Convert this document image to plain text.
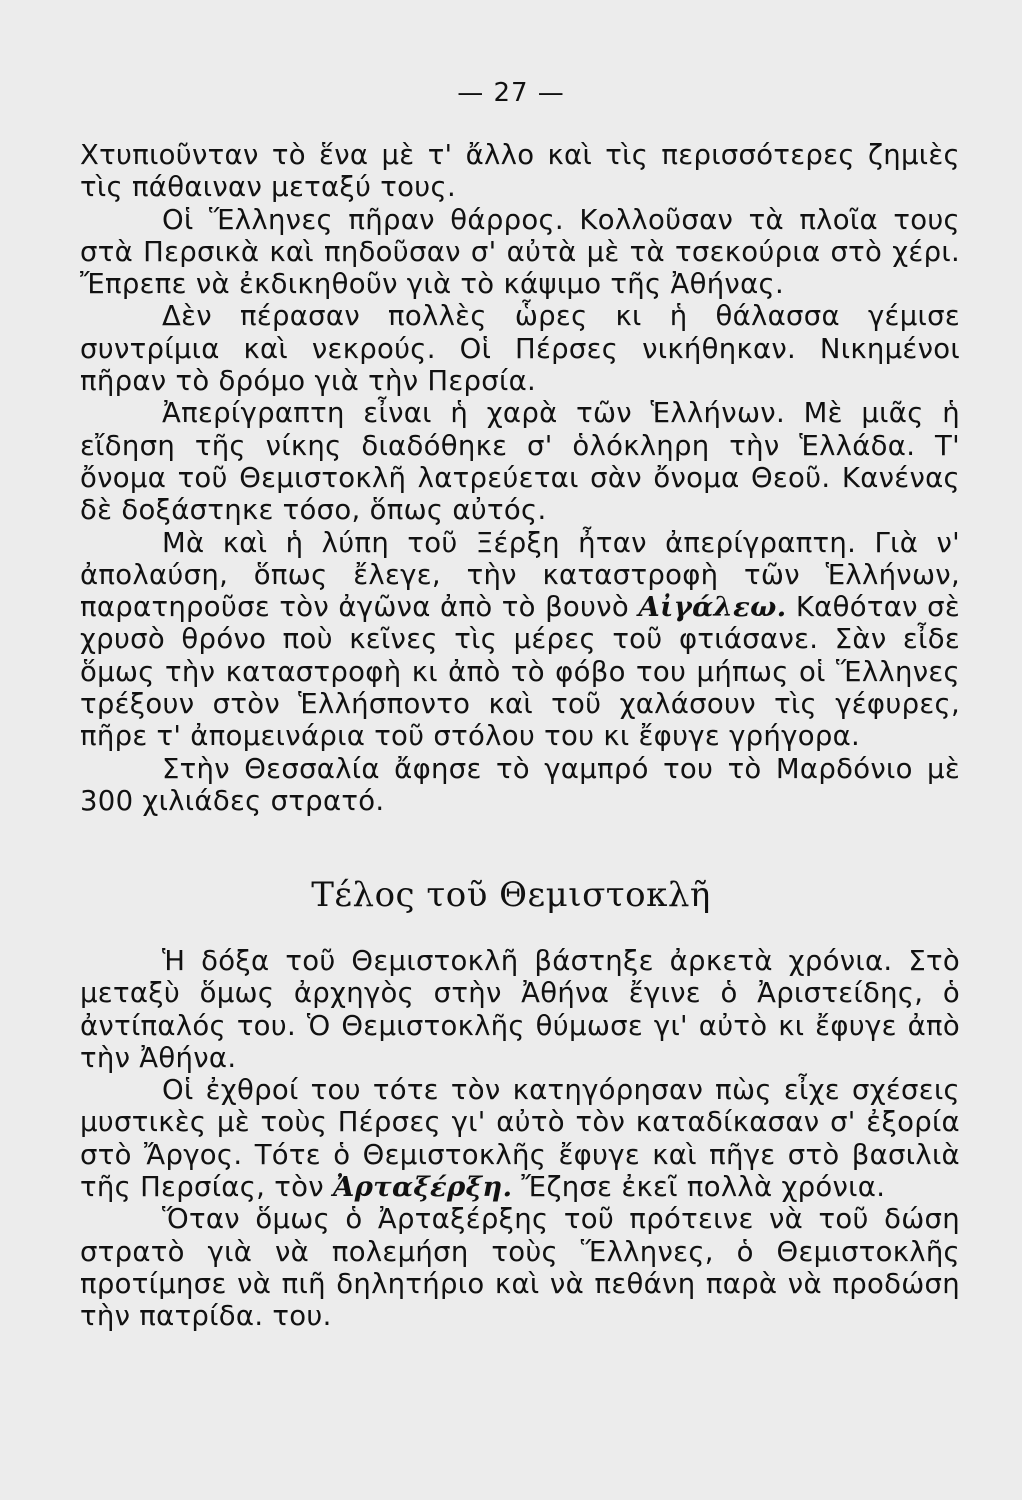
— 27 —

Χτυπιοῦνταν τὸ ἕνα μὲ τ' ἄλλο καὶ τὶς περισσότερες ζημιὲς τὶς πάθαιναν μεταξύ τους.

Οἱ Ἕλληνες πῆραν θάρρος. Κολλοῦσαν τὰ πλοῖα τους στὰ Περσικὰ καὶ πηδοῦσαν σ' αὐτὰ μὲ τὰ τσεκούρια στὸ χέρι. Ἔπρεπε νὰ ἐκδικηθοῦν γιὰ τὸ κάψιμο τῆς Ἀθήνας.

Δὲν πέρασαν πολλὲς ὧρες κι ἡ θάλασσα γέμισε συντρίμια καὶ νεκρούς. Οἱ Πέρσες νικήθηκαν. Νικημένοι πῆραν τὸ δρόμο γιὰ τὴν Περσία.

Ἀπερίγραπτη εἶναι ἡ χαρὰ τῶν Ἑλλήνων. Μὲ μιᾶς ἡ εἴδηση τῆς νίκης διαδόθηκε σ' ὁλόκληρη τὴν Ἑλλάδα. Τ' ὄνομα τοῦ Θεμιστοκλῆ λατρεύεται σὰν ὄνομα Θεοῦ. Κανένας δὲ δοξάστηκε τόσο, ὅπως αὐτός.

Μὰ καὶ ἡ λύπη τοῦ Ξέρξη ἦταν ἀπερίγραπτη. Γιὰ ν' ἀπολαύση, ὅπως ἔλεγε, τὴν καταστροφὴ τῶν Ἑλλήνων, παρατηροῦσε τὸν ἀγῶνα ἀπὸ τὸ βουνὸ Αἰγάλεω. Καθόταν σὲ χρυσὸ θρόνο ποὺ κεῖνες τὶς μέρες τοῦ φτιάσανε. Σὰν εἶδε ὅμως τὴν καταστροφὴ κι ἀπὸ τὸ φόβο του μήπως οἱ Ἕλληνες τρέξουν στὸν Ἑλλήσποντο καὶ τοῦ χαλάσουν τὶς γέφυρες, πῆρε τ' ἀπομεινάρια τοῦ στόλου του κι ἔφυγε γρήγορα.

Στὴν Θεσσαλία ἄφησε τὸ γαμπρό του τὸ Μαρδόνιο μὲ 300 χιλιάδες στρατό.

Τέλος τοῦ Θεμιστοκλῆ

Ἡ δόξα τοῦ Θεμιστοκλῆ βάστηξε ἀρκετὰ χρόνια. Στὸ μεταξὺ ὅμως ἀρχηγὸς στὴν Ἀθήνα ἔγινε ὁ Ἀριστείδης, ὁ ἀντίπαλός του. Ὁ Θεμιστοκλῆς θύμωσε γι' αὐτὸ κι ἔφυγε ἀπὸ τὴν Ἀθήνα.

Οἱ ἐχθροί του τότε τὸν κατηγόρησαν πὼς εἶχε σχέσεις μυστικὲς μὲ τοὺς Πέρσες γι' αὐτὸ τὸν καταδίκασαν σ' ἐξορία στὸ Ἄργος. Τότε ὁ Θεμιστοκλῆς ἔφυγε καὶ πῆγε στὸ βασιλιὰ τῆς Περσίας, τὸν Ἀρταξέρξη. Ἔζησε ἐκεῖ πολλὰ χρόνια.

Ὅταν ὅμως ὁ Ἀρταξέρξης τοῦ πρότεινε νὰ τοῦ δώση στρατὸ γιὰ νὰ πολεμήση τοὺς Ἕλληνες, ὁ Θεμιστοκλῆς προτίμησε νὰ πιῆ δηλητήριο καὶ νὰ πεθάνη παρὰ νὰ προδώση τὴν πατρίδα. του.
